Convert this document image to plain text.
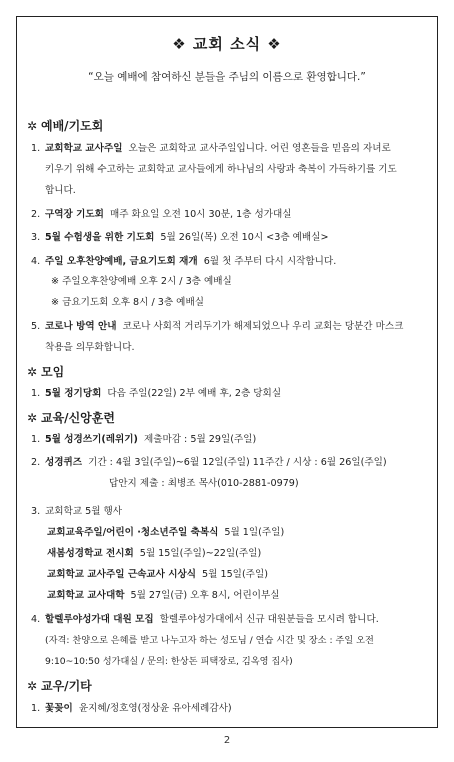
❖ 교회 소식 ❖
“오늘 예배에 참여하신 분들을 주님의 이름으로 환영합니다.”
✲ 예배/기도회
1. 교회학교 교사주일 오늘은 교회학교 교사주일입니다. 어린 영혼들을 믿음의 자녀로
키우기 위해 수고하는 교회학교 교사들에게 하나님의 사랑과 축복이 가득하기를 기도
합니다.
2. 구역장 기도회 매주 화요일 오전 10시 30분, 1층 성가대실
3. 5월 수험생을 위한 기도회 5월 26일(목) 오전 10시 <3층 예배실>
4. 주일 오후찬양예배, 금요기도회 재개 6월 첫 주부터 다시 시작합니다.
※ 주일오후찬양예배 오후 2시 / 3층 예배실
※ 금요기도회 오후 8시 / 3층 예배실
5. 코로나 방역 안내 코로나 사회적 거리두기가 해제되었으나 우리 교회는 당분간 마스크
착용을 의무화합니다.
✲ 모임
1. 5월 정기당회 다음 주일(22일) 2부 예배 후, 2층 당회실
✲ 교육/신앙훈련
1. 5월 성경쓰기(레위기) 제출마감 : 5월 29일(주일)
2. 성경퀴즈 기간 : 4월 3일(주일)~6월 12일(주일) 11주간 / 시상 : 6월 26일(주일)
답안지 제출 : 최병조 목사(010-2881-0979)
3. 교회학교 5월 행사
교회교육주일/어린이 ·청소년주일 축복식 5월 1일(주일)
새봄성경학교 전시회 5월 15일(주일)~22일(주일)
교회학교 교사주일 근속교사 시상식 5월 15일(주일)
교회학교 교사대학 5월 27일(금) 오후 8시, 어린이부실
4. 할렐루야성가대 대원 모집 할렐루야성가대에서 신규 대원분들을 모시려 합니다.
(자격: 찬양으로 은혜를 받고 나누고자 하는 성도님 / 연습 시간 및 장소 : 주일 오전
9:10~10:50 성가대실 / 문의: 한상돈 피택장로, 김옥영 집사)
✲ 교우/기타
1. 꽃꽂이 윤지혜/정호영(정상윤 유아세례감사)
2
